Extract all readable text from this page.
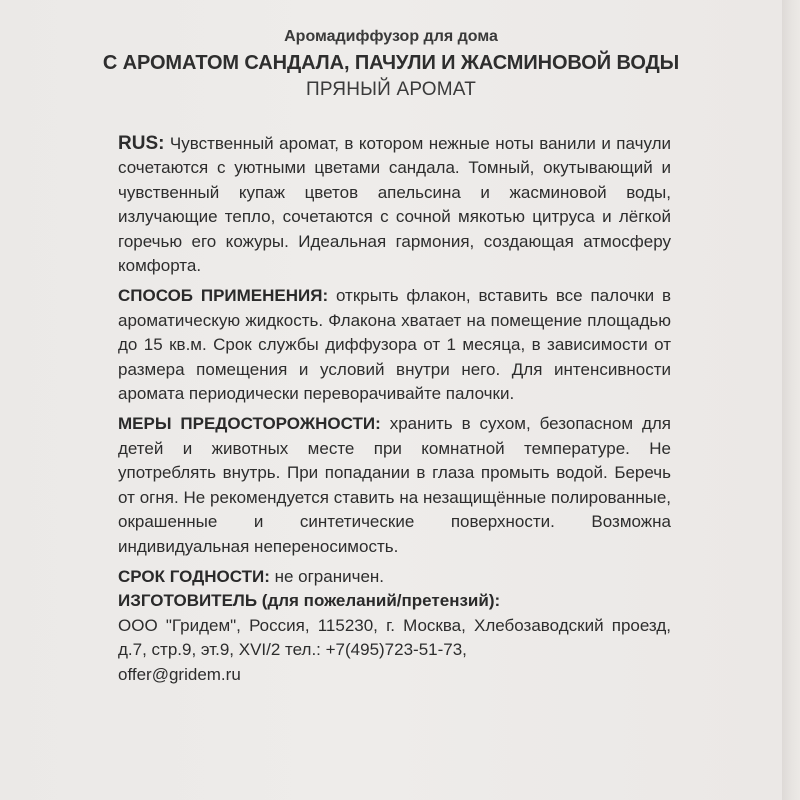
Аромадиффузор для дома
С АРОМАТОМ САНДАЛА, ПАЧУЛИ И ЖАСМИНОВОЙ ВОДЫ
ПРЯНЫЙ АРОМАТ

RUS: Чувственный аромат, в котором нежные ноты ванили и пачули сочетаются с уютными цветами сандала. Томный, окутывающий и чувственный купаж цветов апельсина и жасминовой воды, излучающие тепло, сочетаются с сочной мякотью цитруса и лёгкой горечью его кожуры. Идеальная гармония, создающая атмосферу комфорта.

СПОСОБ ПРИМЕНЕНИЯ: открыть флакон, вставить все палочки в ароматическую жидкость. Флакона хватает на помещение площадью до 15 кв.м. Срок службы диффузора от 1 месяца, в зависимости от размера помещения и условий внутри него. Для интенсивности аромата периодически переворачивайте палочки.

МЕРЫ ПРЕДОСТОРОЖНОСТИ: хранить в сухом, безопасном для детей и животных месте при комнатной температуре. Не употреблять внутрь. При попадании в глаза промыть водой. Беречь от огня. Не рекомендуется ставить на незащищённые полированные, окрашенные и синтетические поверхности. Возможна индивидуальная непереносимость.

СРОК ГОДНОСТИ: не ограничен.

ИЗГОТОВИТЕЛЬ (для пожеланий/претензий):

ООО "Гридем", Россия, 115230, г. Москва, Хлебозаводский проезд, д.7, стр.9, эт.9, XVI/2 тел.: +7(495)723-51-73,

offer@gridem.ru
